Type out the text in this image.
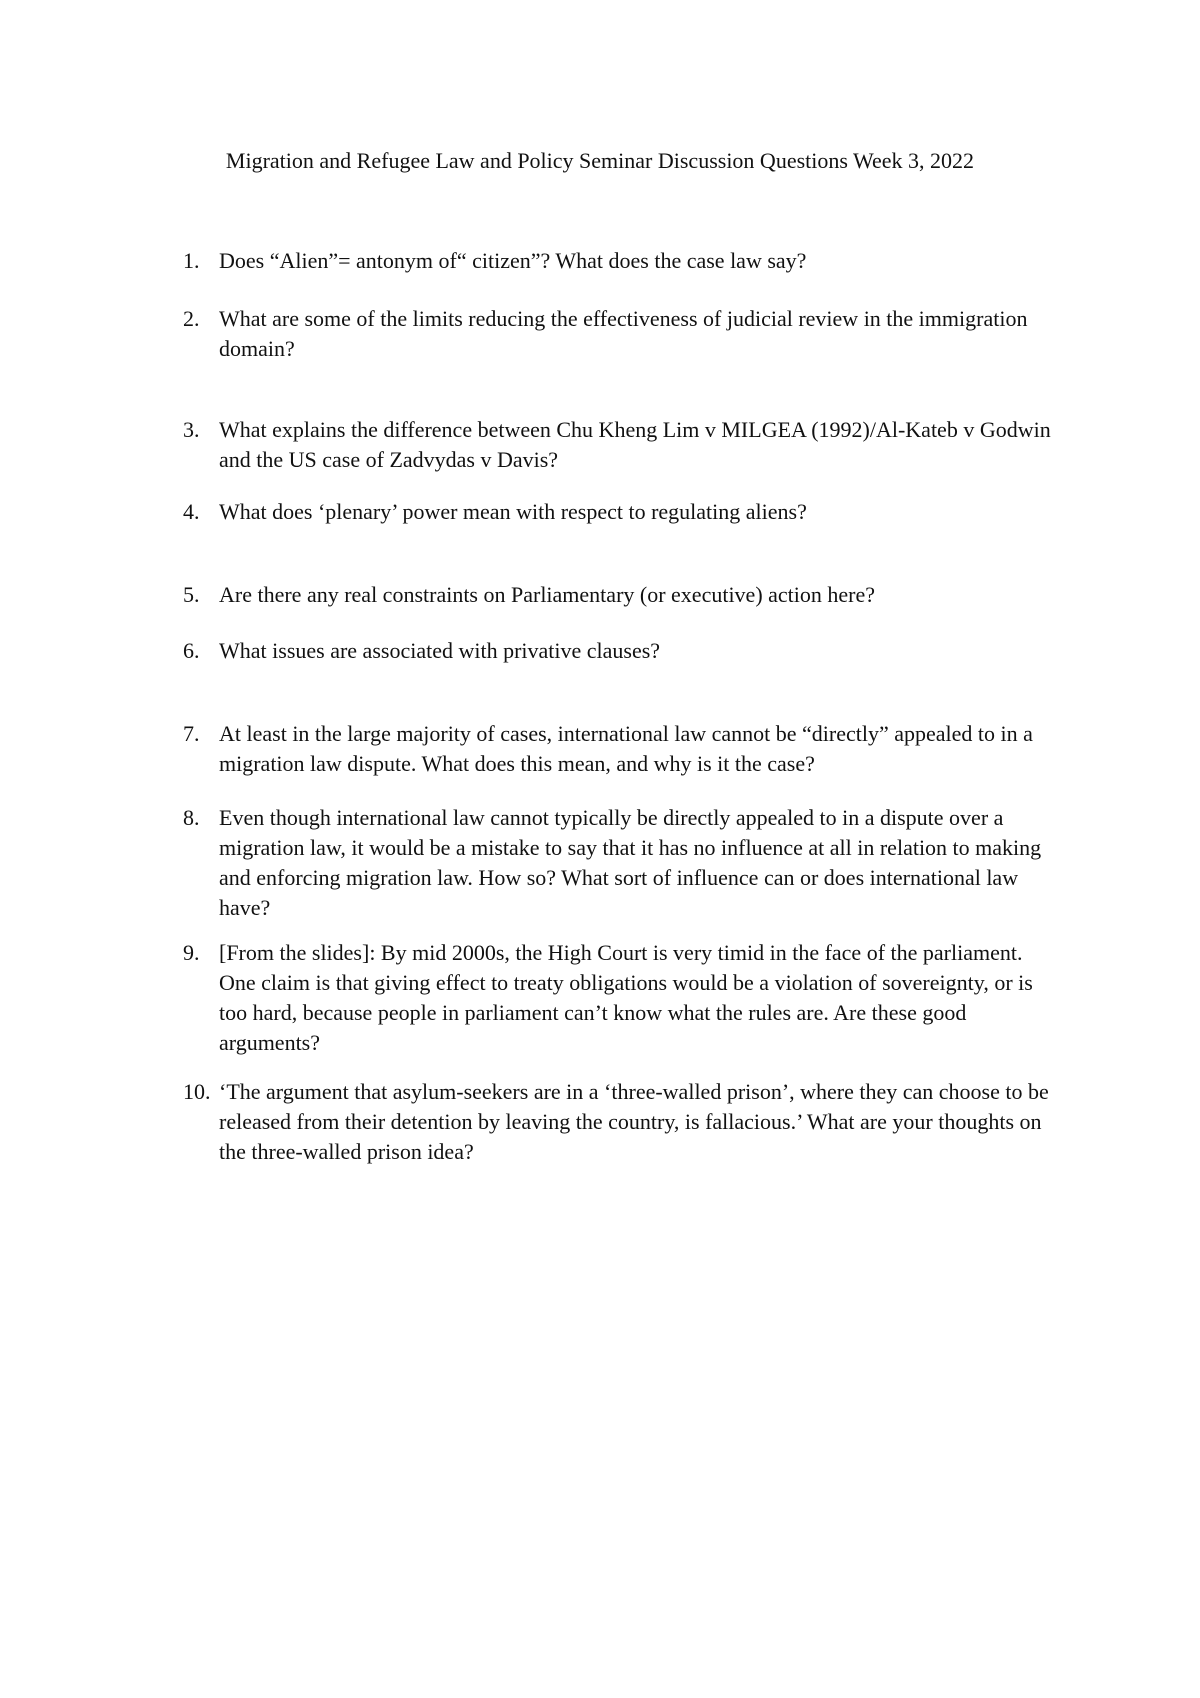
Migration and Refugee Law and Policy Seminar Discussion Questions Week 3, 2022
1. Does “Alien”= antonym of“ citizen”? What does the case law say?
2. What are some of the limits reducing the effectiveness of judicial review in the immigration domain?
3. What explains the difference between Chu Kheng Lim v MILGEA (1992)/Al-Kateb v Godwin and the US case of Zadvydas v Davis?
4. What does ‘plenary’ power mean with respect to regulating aliens?
5. Are there any real constraints on Parliamentary (or executive) action here?
6. What issues are associated with privative clauses?
7. At least in the large majority of cases, international law cannot be “directly” appealed to in a migration law dispute. What does this mean, and why is it the case?
8. Even though international law cannot typically be directly appealed to in a dispute over a migration law, it would be a mistake to say that it has no influence at all in relation to making and enforcing migration law. How so? What sort of influence can or does international law have?
9. [From the slides]: By mid 2000s, the High Court is very timid in the face of the parliament. One claim is that giving effect to treaty obligations would be a violation of sovereignty, or is too hard, because people in parliament can’t know what the rules are. Are these good arguments?
10. ‘The argument that asylum-seekers are in a ‘three-walled prison’, where they can choose to be released from their detention by leaving the country, is fallacious.’ What are your thoughts on the three-walled prison idea?
